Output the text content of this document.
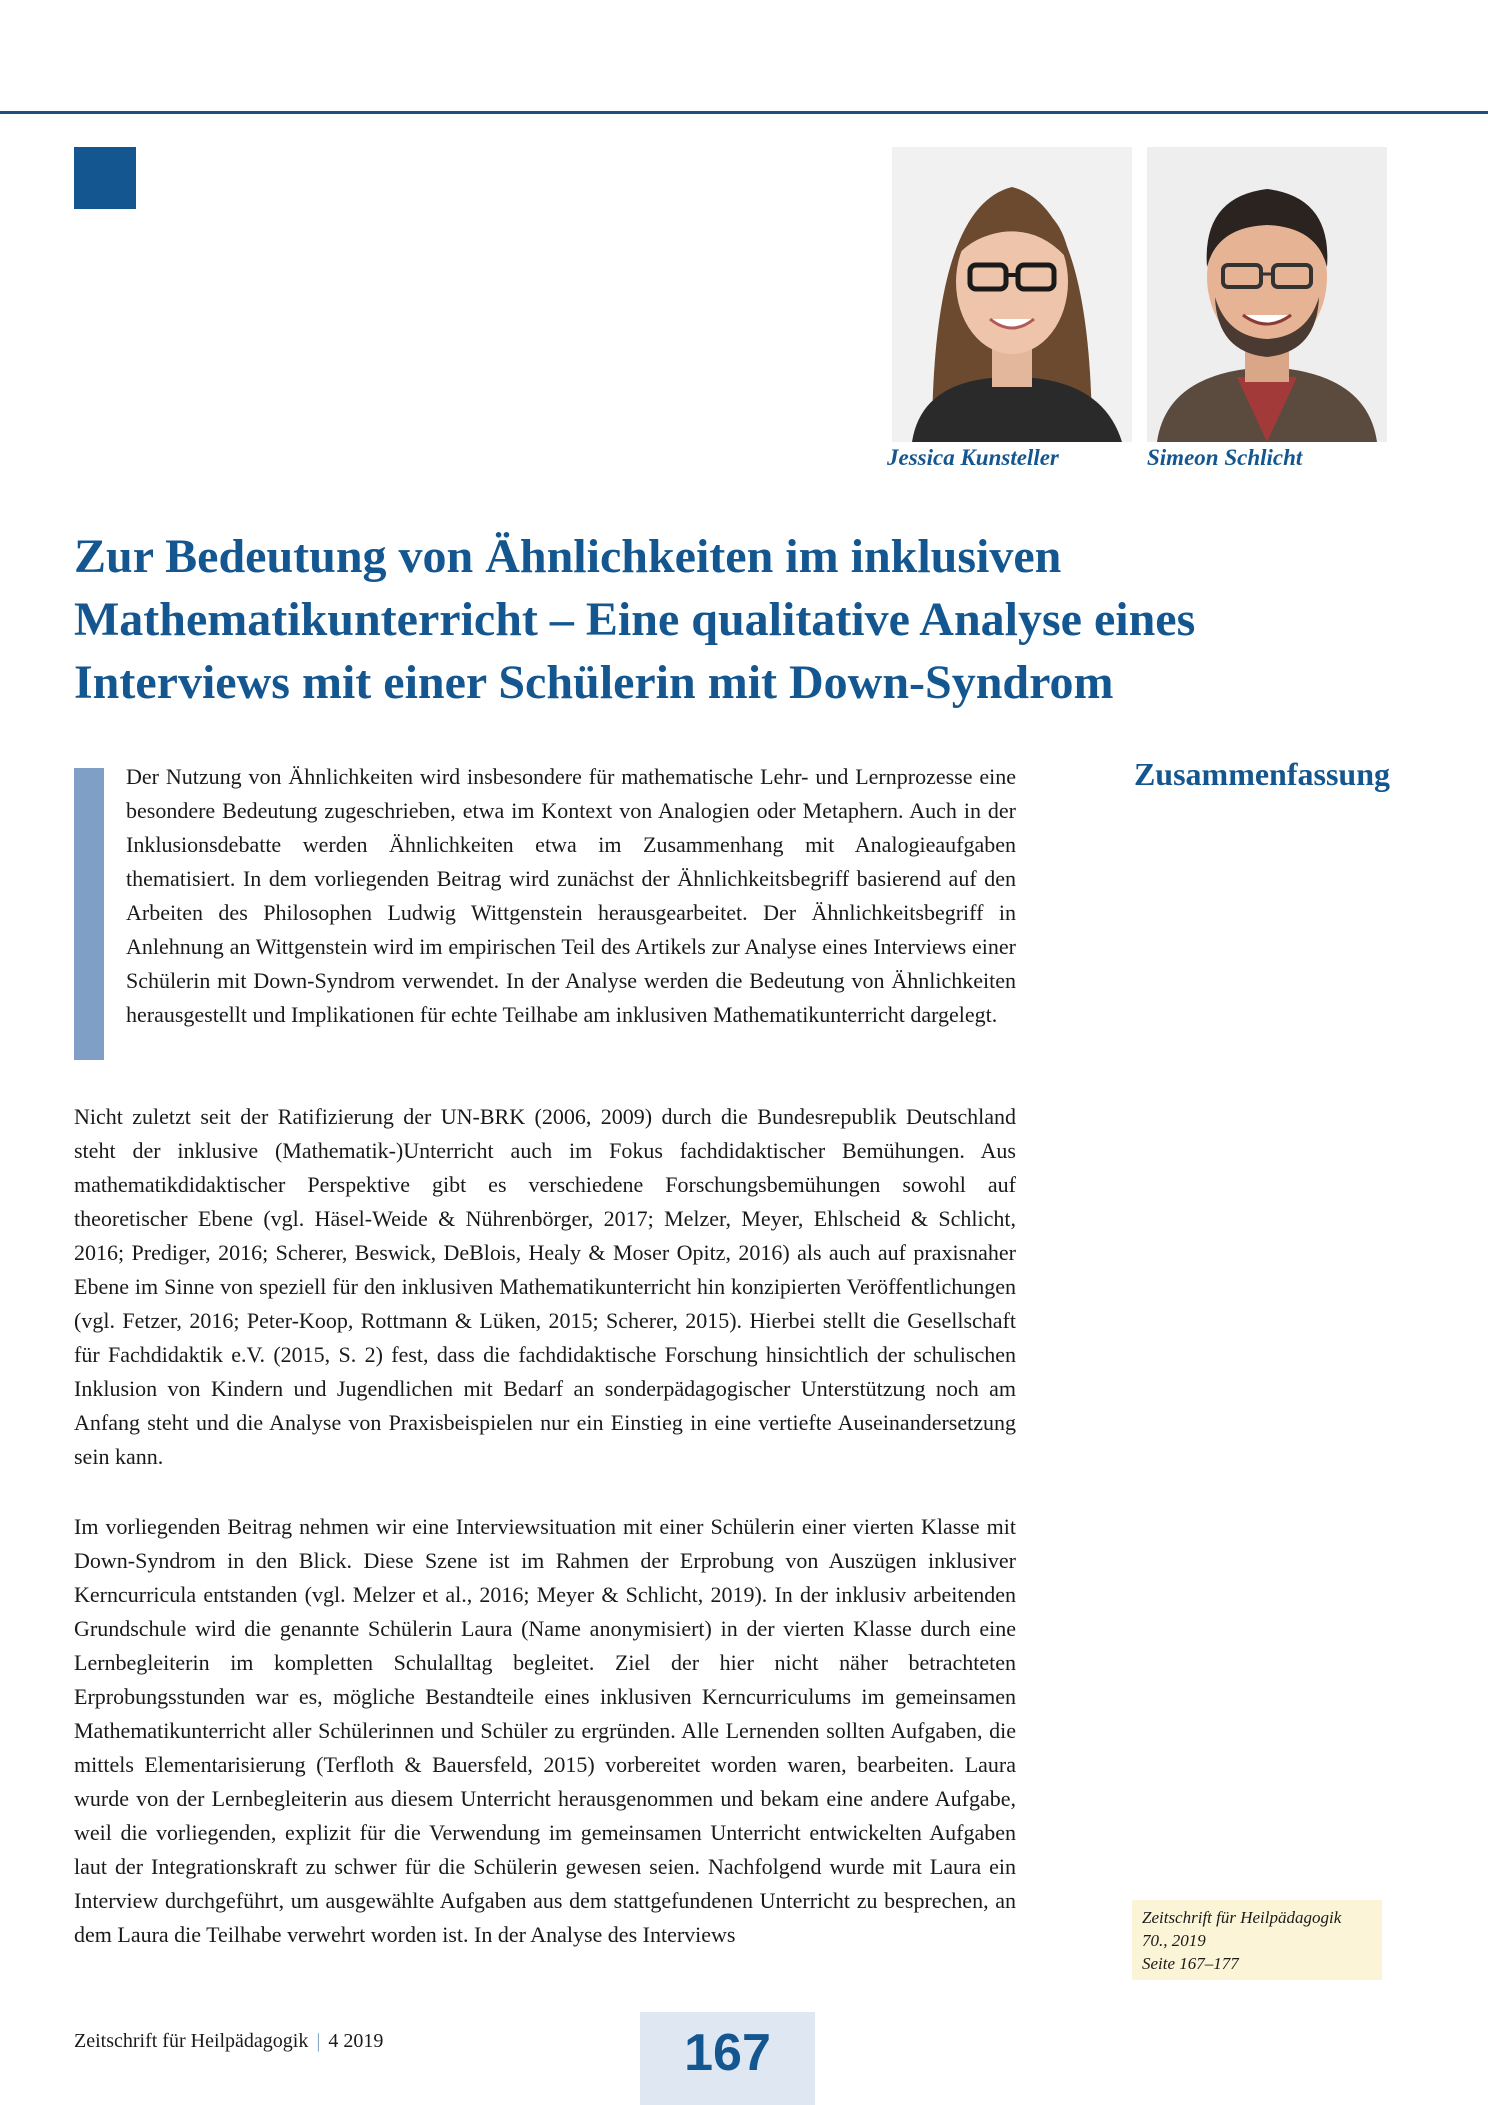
Jessica Kunsteller	Simeon Schlicht
Zur Bedeutung von Ähnlichkeiten im inklusiven
Mathematikunterricht – Eine qualitative Analyse eines
Interviews mit einer Schülerin mit Down-Syndrom
Zusammenfassung

Der Nutzung von Ähnlichkeiten wird insbesondere für mathematische Lehr- und Lernprozesse eine besondere Bedeutung zugeschrieben, etwa im Kontext von Analogien oder Metaphern. Auch in der Inklusionsdebatte werden Ähnlichkeiten etwa im Zusammenhang mit Analogieaufgaben thematisiert. In dem vorliegenden Beitrag wird zunächst der Ähnlichkeitsbegriff basierend auf den Arbeiten des Philosophen Ludwig Wittgenstein herausgearbeitet. Der Ähnlichkeitsbegriff in Anlehnung an Wittgenstein wird im empirischen Teil des Artikels zur Analyse eines Interviews einer Schülerin mit Down-Syndrom verwendet. In der Analyse werden die Bedeutung von Ähnlichkeiten herausgestellt und Implikationen für echte Teilhabe am inklusiven Mathematikunterricht dargelegt.

Nicht zuletzt seit der Ratifizierung der UN-BRK (2006, 2009) durch die Bundesrepublik Deutschland steht der inklusive (Mathematik-)Unterricht auch im Fokus fachdidaktischer Bemühungen. Aus mathematikdidaktischer Perspektive gibt es verschiedene Forschungsbemühungen sowohl auf theoretischer Ebene (vgl. Häsel-Weide & Nührenbörger, 2017; Melzer, Meyer, Ehlscheid & Schlicht, 2016; Prediger, 2016; Scherer, Beswick, DeBlois, Healy & Moser Opitz, 2016) als auch auf praxisnaher Ebene im Sinne von speziell für den inklusiven Mathematikunterricht hin konzipierten Veröffentlichungen (vgl. Fetzer, 2016; Peter-Koop, Rottmann & Lüken, 2015; Scherer, 2015). Hierbei stellt die Gesellschaft für Fachdidaktik e.V. (2015, S. 2) fest, dass die fachdidaktische Forschung hinsichtlich der schulischen Inklusion von Kindern und Jugendlichen mit Bedarf an sonderpädagogischer Unterstützung noch am Anfang steht und die Analyse von Praxisbeispielen nur ein Einstieg in eine vertiefte Auseinandersetzung sein kann.

Im vorliegenden Beitrag nehmen wir eine Interviewsituation mit einer Schülerin einer vierten Klasse mit Down-Syndrom in den Blick. Diese Szene ist im Rahmen der Erprobung von Auszügen inklusiver Kerncurricula entstanden (vgl. Melzer et al., 2016; Meyer & Schlicht, 2019). In der inklusiv arbeitenden Grundschule wird die genannte Schülerin Laura (Name anonymisiert) in der vierten Klasse durch eine Lernbegleiterin im kompletten Schulalltag begleitet. Ziel der hier nicht näher betrachteten Erprobungsstunden war es, mögliche Bestandteile eines inklusiven Kerncurriculums im gemeinsamen Mathematikunterricht aller Schülerinnen und Schüler zu ergründen. Alle Lernenden sollten Aufgaben, die mittels Elementarisierung (Terfloth & Bauersfeld, 2015) vorbereitet worden waren, bearbeiten. Laura wurde von der Lernbegleiterin aus diesem Unterricht herausgenommen und bekam eine andere Aufgabe, weil die vorliegenden, explizit für die Verwendung im gemeinsamen Unterricht entwickelten Aufgaben laut der Integrationskraft zu schwer für die Schülerin gewesen seien. Nachfolgend wurde mit Laura ein Interview durchgeführt, um ausgewählte Aufgaben aus dem stattgefundenen Unterricht zu besprechen, an dem Laura die Teilhabe verwehrt worden ist. In der Analyse des Interviews

Zeitschrift für Heilpädagogik
70., 2019
Seite 167–177
Zeitschrift für Heilpädagogik | 4 2019	167
